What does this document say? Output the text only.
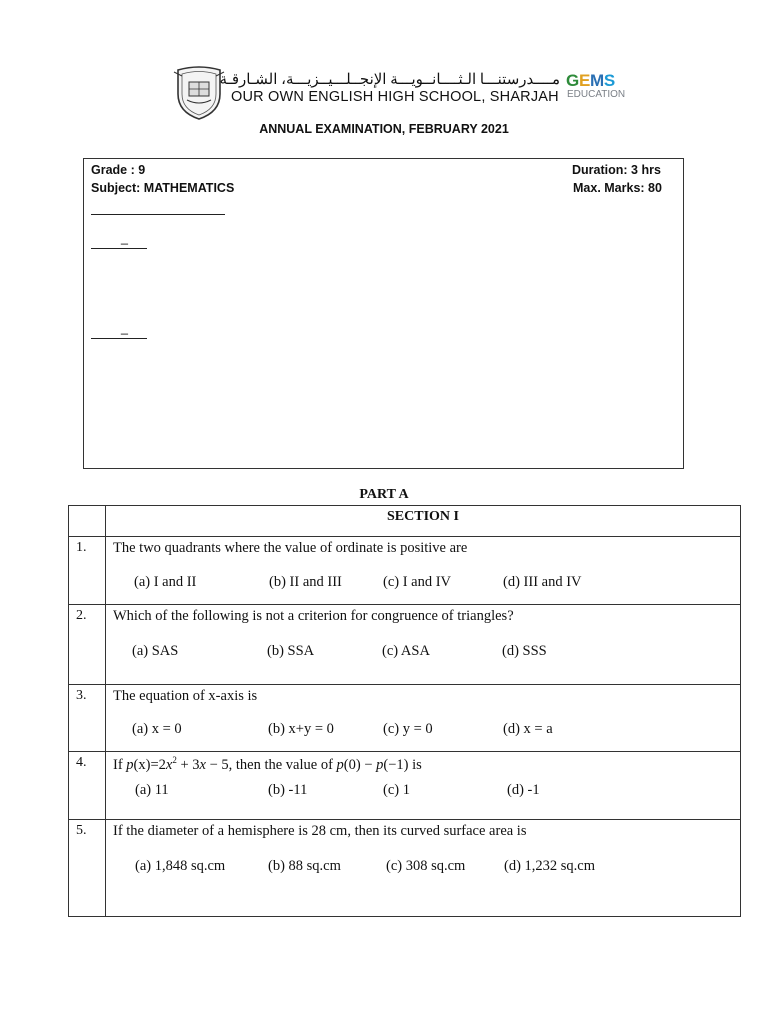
مــــدرستنـــا الـثــــانــويـــة الإنجــلـــيــزيـــة، الشـارقـة
OUR OWN ENGLISH HIGH SCHOOL, SHARJAH
GEMS
EDUCATION
ANNUAL EXAMINATION, FEBRUARY 2021
Grade : 9
Subject: MATHEMATICS
Duration: 3 hrs
Max. Marks: 80
_
_
PART A
	SECTION I

1.	The two quadrants where the value of ordinate is positive are
(a) I and II (b) II and III (c) I and IV (d) III and IV

2.	Which of the following is not a criterion for congruence of triangles?
(a) SAS (b) SSA (c) ASA (d) SSS

3.	The equation of x-axis is
(a) x = 0 (b) x+y = 0 (c) y = 0 (d) x = a

4.	If $p(x)=2x^2 + 3x - 5$, then the value of p(0) − p(−1) is
(a) 11 (b) -11 (c) 1 (d) -1

5.	If the diameter of a hemisphere is 28 cm, then its curved surface area is
(a) 1,848 sq.cm (b) 88 sq.cm (c) 308 sq.cm (d) 1,232 sq.cm
